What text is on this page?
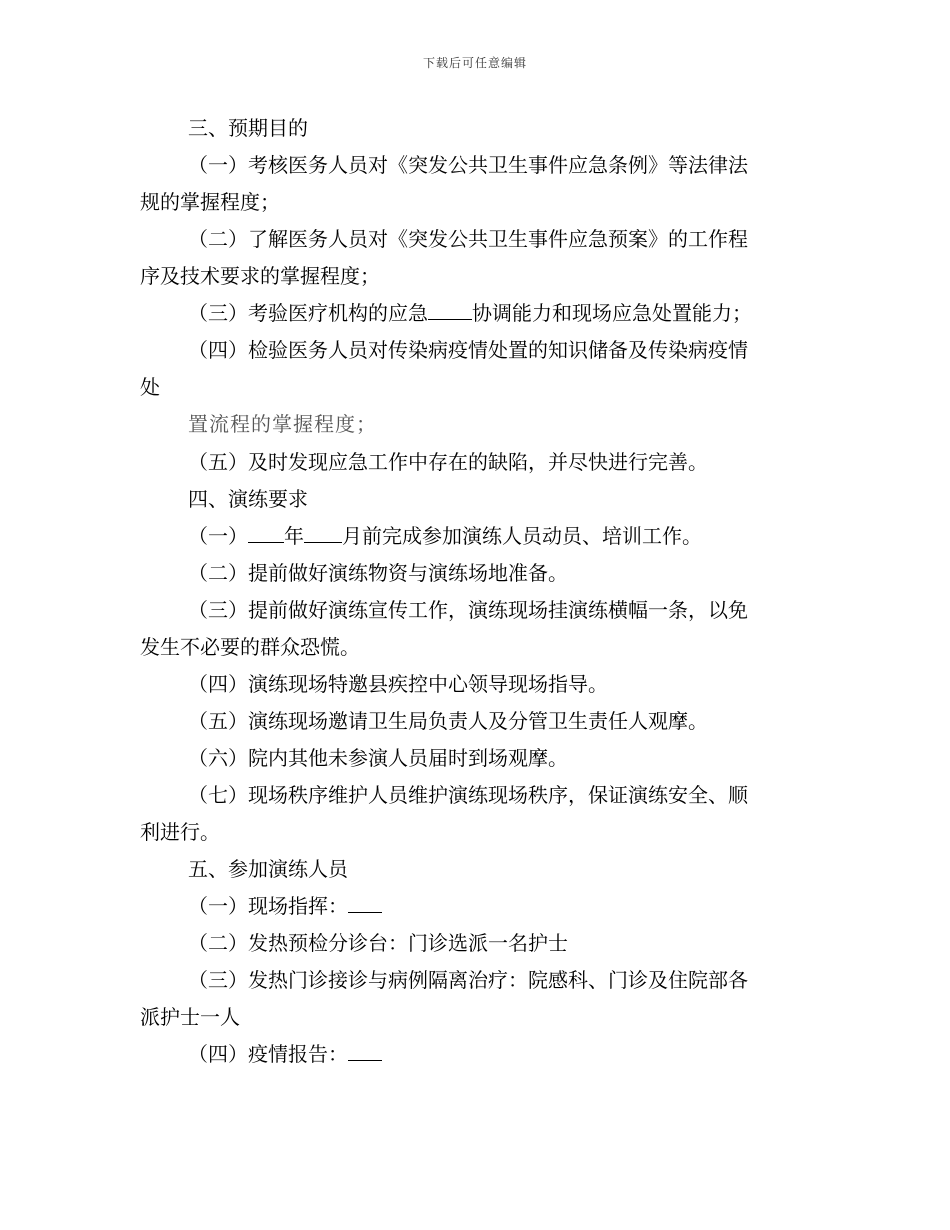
下载后可任意编辑
三、预期目的
（一）考核医务人员对《突发公共卫生事件应急条例》等法律法
规的掌握程度；
（二）了解医务人员对《突发公共卫生事件应急预案》的工作程
序及技术要求的掌握程度；
（三）考验医疗机构的应急 协调能力和现场应急处置能力；
（四）检验医务人员对传染病疫情处置的知识储备及传染病疫情
处
置流程的掌握程度；
（五）及时发现应急工作中存在的缺陷，并尽快进行完善。
四、演练要求
（一） 年 月前完成参加演练人员动员、培训工作。
（二）提前做好演练物资与演练场地准备。
（三）提前做好演练宣传工作，演练现场挂演练横幅一条，以免
发生不必要的群众恐慌。
（四）演练现场特邀县疾控中心领导现场指导。
（五）演练现场邀请卫生局负责人及分管卫生责任人观摩。
（六）院内其他未参演人员届时到场观摩。
（七）现场秩序维护人员维护演练现场秩序，保证演练安全、顺
利进行。
五、参加演练人员
（一）现场指挥：
（二）发热预检分诊台：门诊选派一名护士
（三）发热门诊接诊与病例隔离治疗：院感科、门诊及住院部各
派护士一人
（四）疫情报告：
